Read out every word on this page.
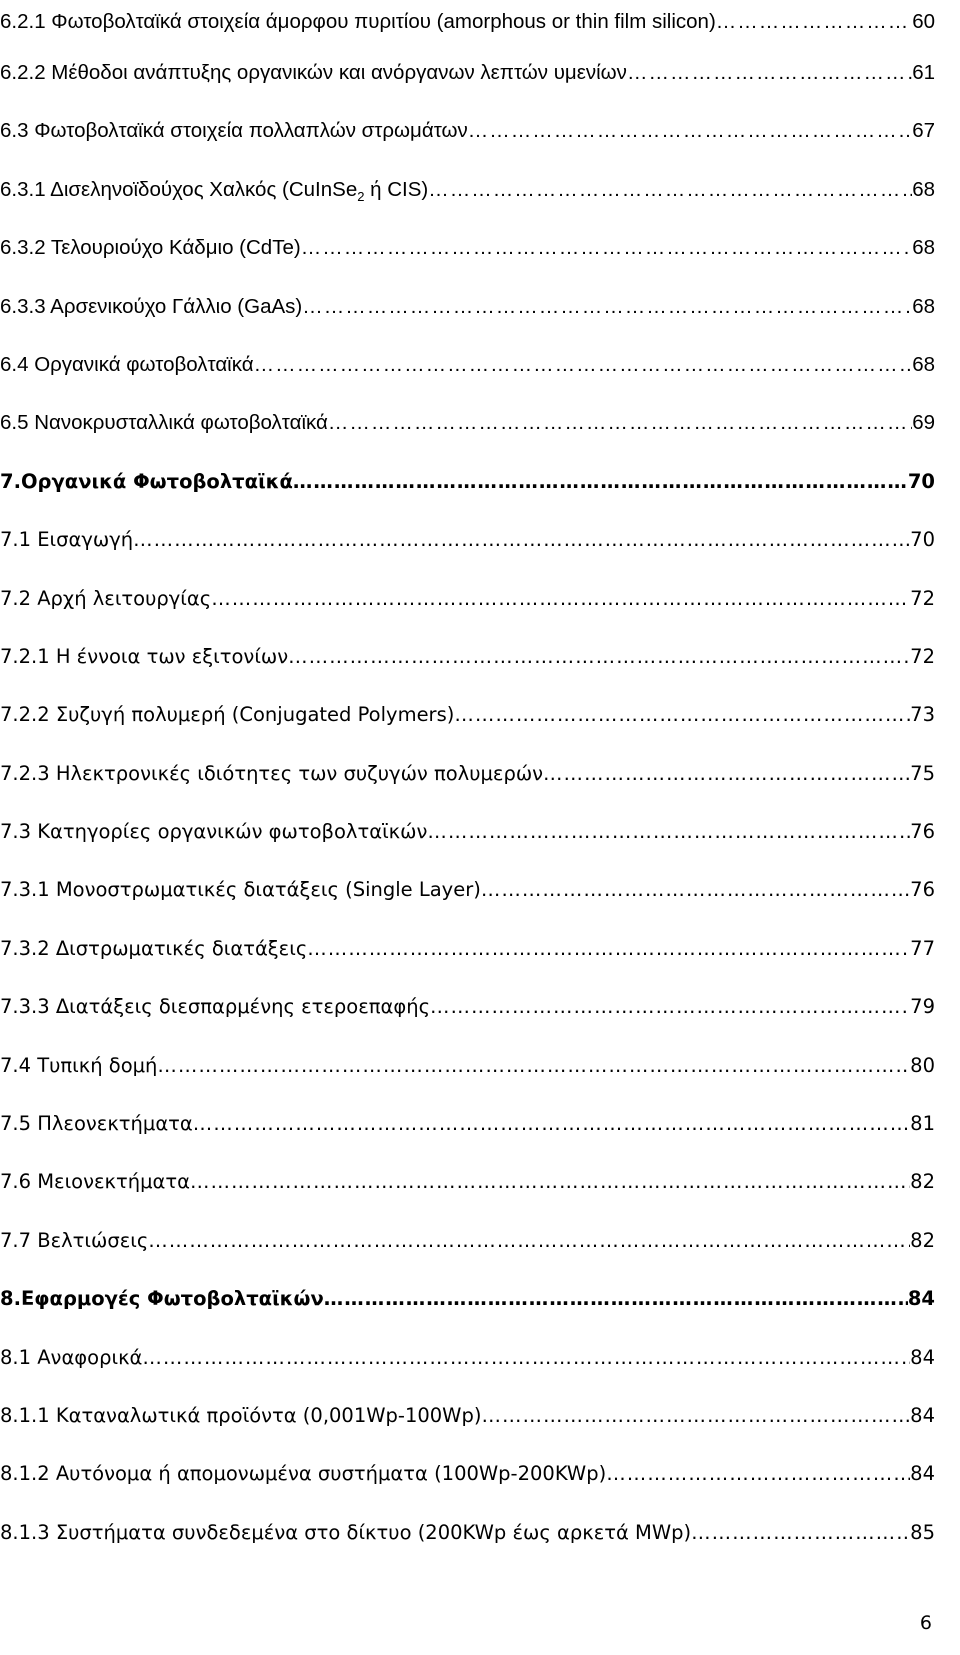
6.2.1 Φωτοβολταϊκά στοιχεία άμορφου πυριτίου (amorphous or thin film silicon) ………………………………………………………………………………………………………………………………………………………………………………………………………………………………	60
6.2.2 Μέθοδοι ανάπτυξης οργανικών και ανόργανων λεπτών υμενίων ………………………………………………………………………………………………………………………………………………………………………………………………………………………………	61
6.3 Φωτοβολταϊκά στοιχεία πολλαπλών στρωμάτων ………………………………………………………………………………………………………………………………………………………………………………………………………………………………	67
6.3.1 Δισεληνοϊδούχος Χαλκός (CuInSe$_2$ ή CIS) ………………………………………………………………………………………………………………………………………………………………………………………………………………………………	68
6.3.2 Τελουριούχο Κάδμιο (CdTe) ………………………………………………………………………………………………………………………………………………………………………………………………………………………………	68
6.3.3 Αρσενικούχο Γάλλιο (GaAs) ………………………………………………………………………………………………………………………………………………………………………………………………………………………………	68
6.4 Οργανικά φωτοβολταϊκά ………………………………………………………………………………………………………………………………………………………………………………………………………………………………	68
6.5 Νανοκρυσταλλικά φωτοβολταϊκά ………………………………………………………………………………………………………………………………………………………………………………………………………………………………	69
7.Οργανικά Φωτοβολταϊκά ………………………………………………………………………………………………………………………………………………………………………………………………………………………………	70
7.1 Εισαγωγή ………………………………………………………………………………………………………………………………………………………………………………………………………………………………	70
7.2 Αρχή λειτουργίας ………………………………………………………………………………………………………………………………………………………………………………………………………………………………	72
7.2.1 Η έννοια των εξιτονίων ………………………………………………………………………………………………………………………………………………………………………………………………………………………………	72
7.2.2 Συζυγή πολυμερή (Conjugated Polymers) ………………………………………………………………………………………………………………………………………………………………………………………………………………………………	73
7.2.3 Ηλεκτρονικές ιδιότητες των συζυγών πολυμερών ………………………………………………………………………………………………………………………………………………………………………………………………………………………………	75
7.3 Κατηγορίες οργανικών φωτοβολταϊκών ………………………………………………………………………………………………………………………………………………………………………………………………………………………………	76
7.3.1 Μονοστρωματικές διατάξεις (Single Layer) ………………………………………………………………………………………………………………………………………………………………………………………………………………………………	76
7.3.2 Διστρωματικές διατάξεις ………………………………………………………………………………………………………………………………………………………………………………………………………………………………	77
7.3.3 Διατάξεις διεσπαρμένης ετεροεπαφής ………………………………………………………………………………………………………………………………………………………………………………………………………………………………	79
7.4 Τυπική δομή ………………………………………………………………………………………………………………………………………………………………………………………………………………………………	80
7.5 Πλεονεκτήματα ………………………………………………………………………………………………………………………………………………………………………………………………………………………………	81
7.6 Μειονεκτήματα ………………………………………………………………………………………………………………………………………………………………………………………………………………………………	82
7.7 Βελτιώσεις ………………………………………………………………………………………………………………………………………………………………………………………………………………………………	82
8.Εφαρμογές Φωτοβολταϊκών ………………………………………………………………………………………………………………………………………………………………………………………………………………………………	84
8.1 Αναφορικά ………………………………………………………………………………………………………………………………………………………………………………………………………………………………	84
8.1.1 Καταναλωτικά προϊόντα (0,001Wp-100Wp) ………………………………………………………………………………………………………………………………………………………………………………………………………………………………	84
8.1.2 Αυτόνομα ή απομονωμένα συστήματα (100Wp-200KWp) ………………………………………………………………………………………………………………………………………………………………………………………………………………………………	84
8.1.3 Συστήματα συνδεδεμένα στο δίκτυο (200KWp έως αρκετά MWp) ………………………………………………………………………………………………………………………………………………………………………………………………………………………………	85
6
